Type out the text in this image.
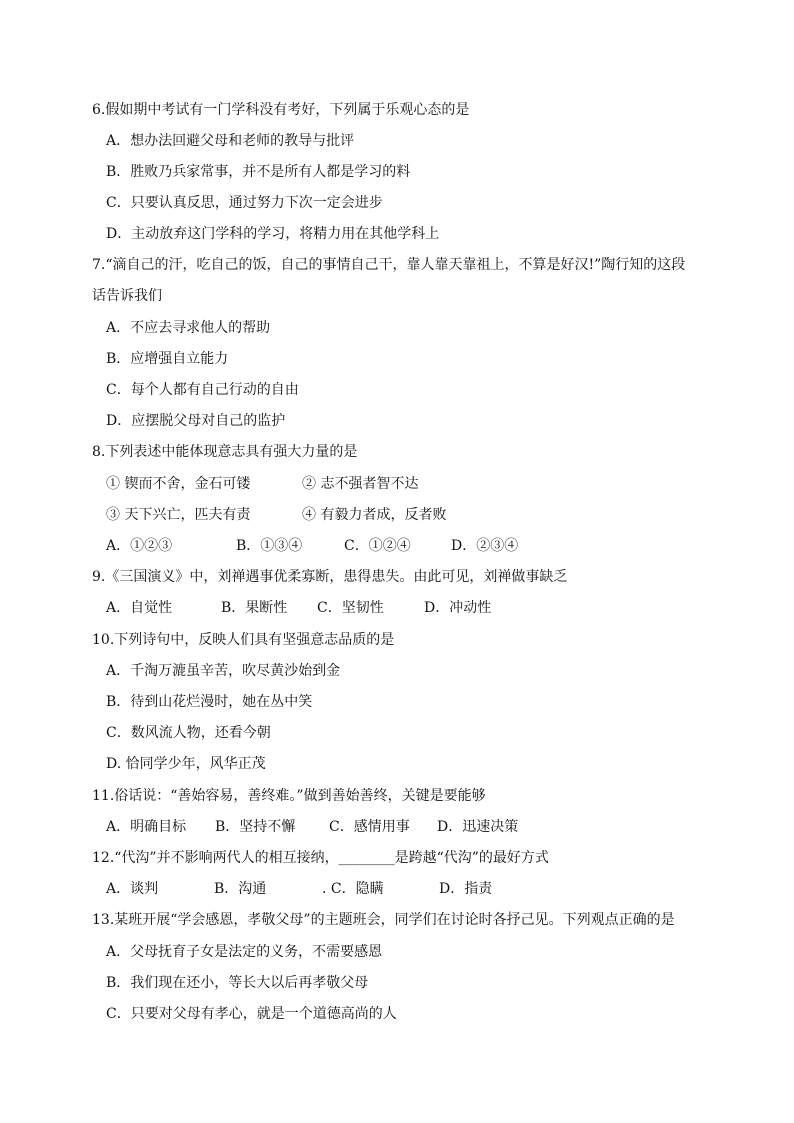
6.假如期中考试有一门学科没有考好，下列属于乐观心态的是
A．想办法回避父母和老师的教导与批评
B．胜败乃兵家常事，并不是所有人都是学习的料
C．只要认真反思，通过努力下次一定会进步
D．主动放弃这门学科的学习，将精力用在其他学科上
7.“滴自己的汗，吃自己的饭，自己的事情自己干，靠人靠天靠祖上，不算是好汉!”陶行知的这段
话告诉我们
A．不应去寻求他人的帮助
B．应增强自立能力
C．每个人都有自己行动的自由
D．应摆脱父母对自己的监护
8.下列表述中能体现意志具有强大力量的是
① 锲而不舍，金石可镂	② 志不强者智不达
③ 天下兴亡，匹夫有责	④ 有毅力者成，反者败
A．①②③	B．①③④	C．①②④	D．②③④
9.《三国演义》中，刘禅遇事优柔寡断，患得患失。由此可见，刘禅做事缺乏
A．自觉性	B．果断性 C．坚韧性	D．冲动性
10.下列诗句中，反映人们具有坚强意志品质的是
A．千淘万漉虽辛苦，吹尽黄沙始到金
B．待到山花烂漫时，她在丛中笑
C．数风流人物，还看今朝
D. 恰同学少年，风华正茂
11.俗话说：“善始容易，善终难。”做到善始善终，关键是要能够
A．明确目标 B．坚持不懈 C．感情用事 D．迅速决策
12.“代沟”并不影响两代人的相互接纳，________是跨越“代沟”的最好方式
A．谈判	B．沟通	. C．隐瞒	D．指责
13.某班开展“学会感恩，孝敬父母”的主题班会，同学们在讨论时各抒己见。下列观点正确的是
A．父母抚育子女是法定的义务，不需要感恩
B．我们现在还小，等长大以后再孝敬父母
C．只要对父母有孝心，就是一个道德高尚的人
